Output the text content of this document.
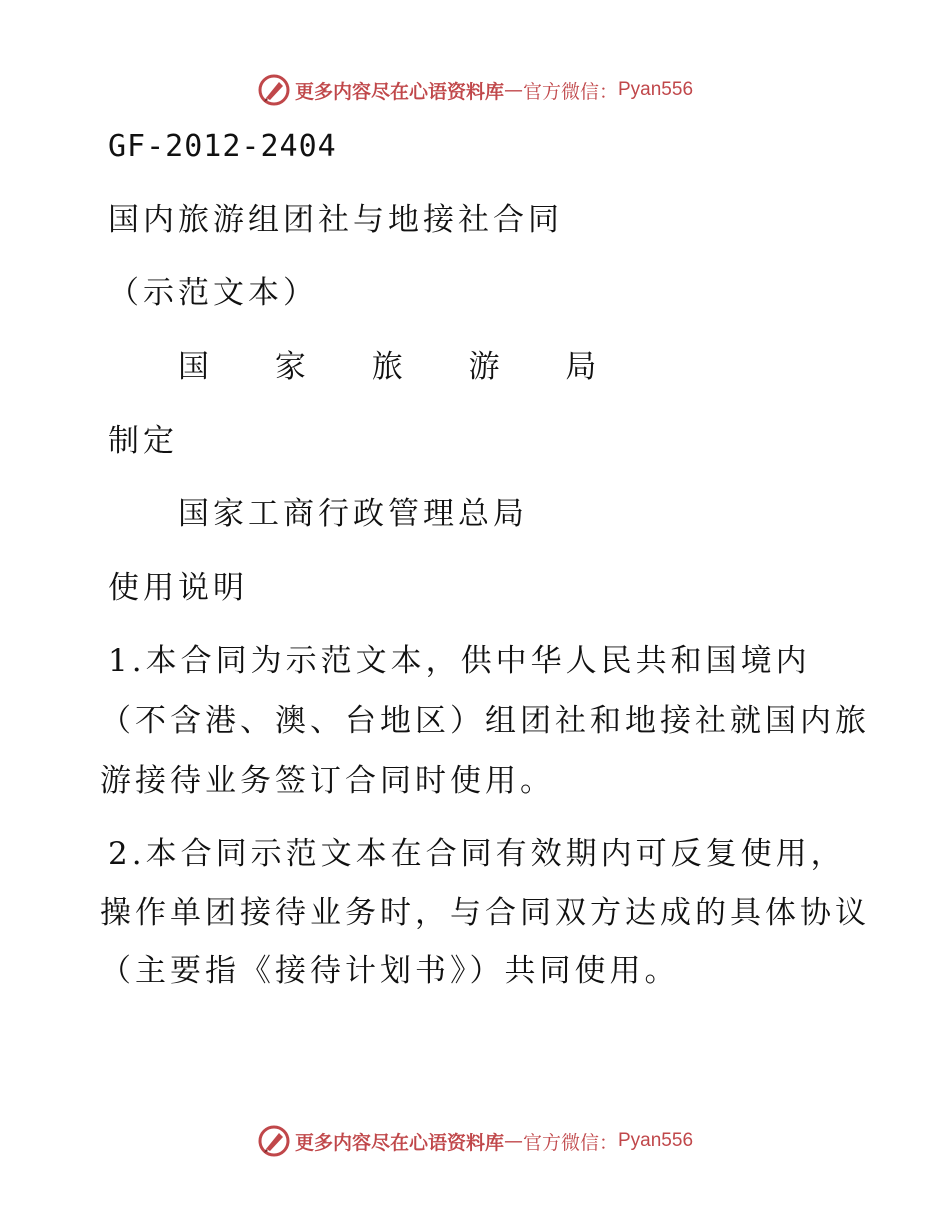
更多内容尽在心语资料库 — 官方微信： Pyan556
GF-2012-2404
国内旅游组团社与地接社合同
（示范文本）
国 家 旅 游 局
制定
国家工商行政管理总局
使用说明
1.本合同为示范文本，供中华人民共和国境内
（不含港、澳、台地区）组团社和地接社就国内旅
游接待业务签订合同时使用。
2.本合同示范文本在合同有效期内可反复使用，
操作单团接待业务时，与合同双方达成的具体协议
（主要指《接待计划书》）共同使用。
更多内容尽在心语资料库 — 官方微信： Pyan556
